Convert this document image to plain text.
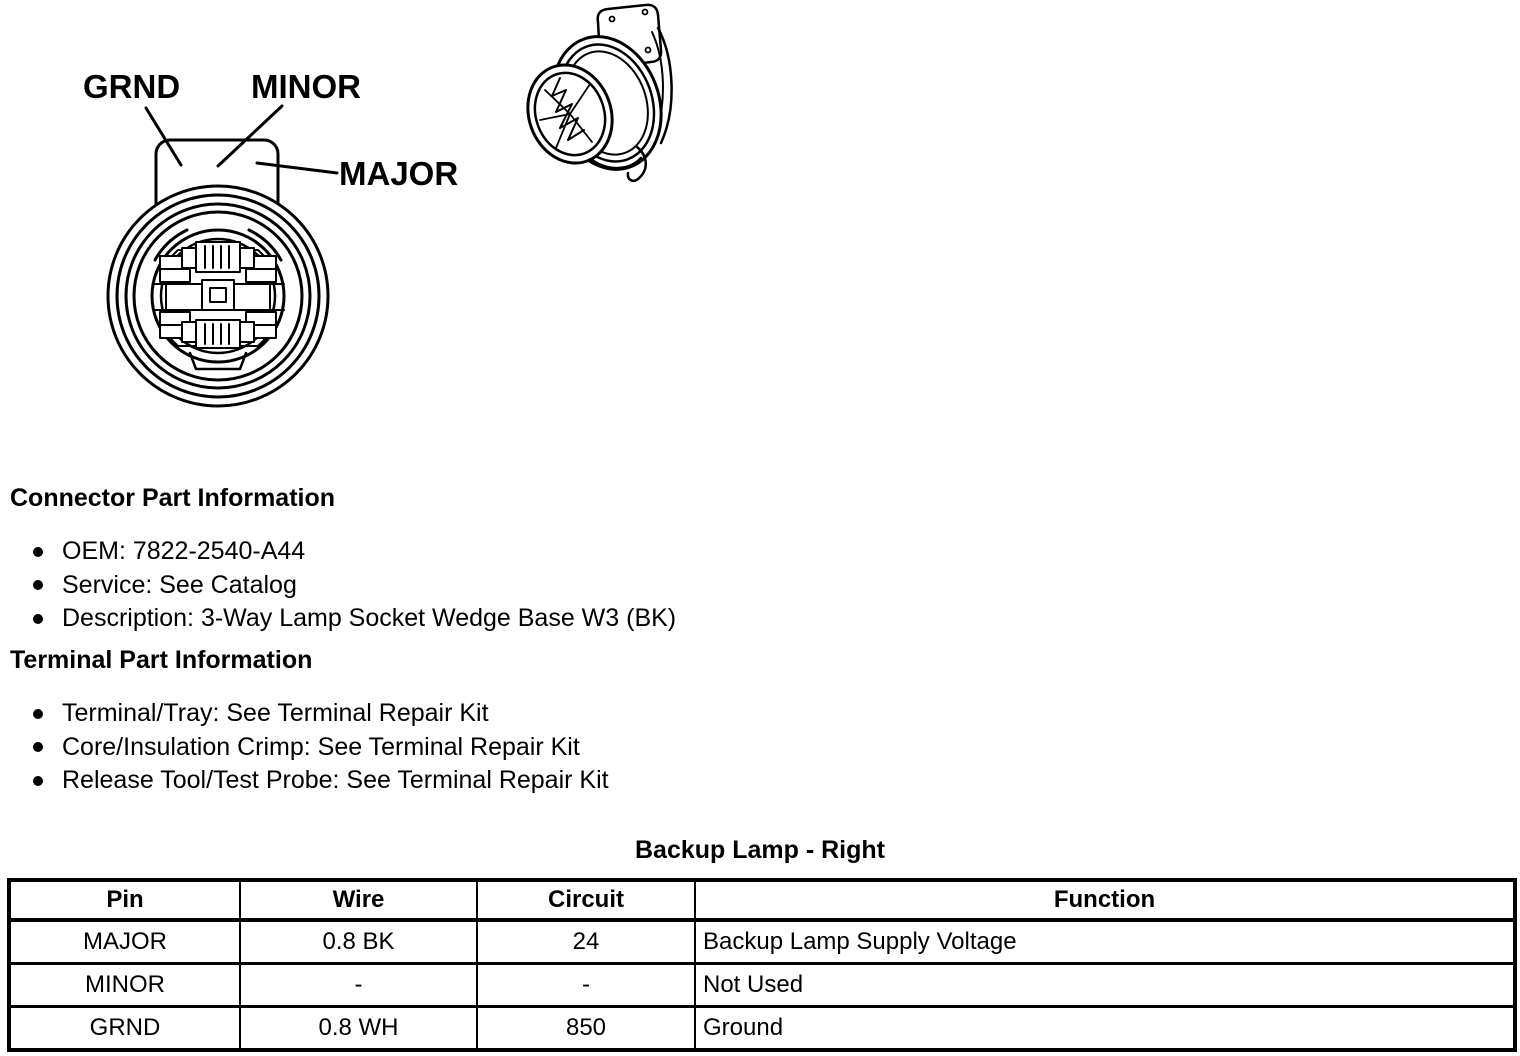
GRND MINOR
MAJOR
Connector Part Information
OEM: 7822-2540-A44
Service: See Catalog
Description: 3-Way Lamp Socket Wedge Base W3 (BK)
Terminal Part Information
Terminal/Tray: See Terminal Repair Kit
Core/Insulation Crimp: See Terminal Repair Kit
Release Tool/Test Probe: See Terminal Repair Kit
Backup Lamp - Right
Pin	Wire	Circuit	Function
MAJOR	0.8 BK	24	Backup Lamp Supply Voltage
MINOR	-	-	Not Used
GRND	0.8 WH	850	Ground
